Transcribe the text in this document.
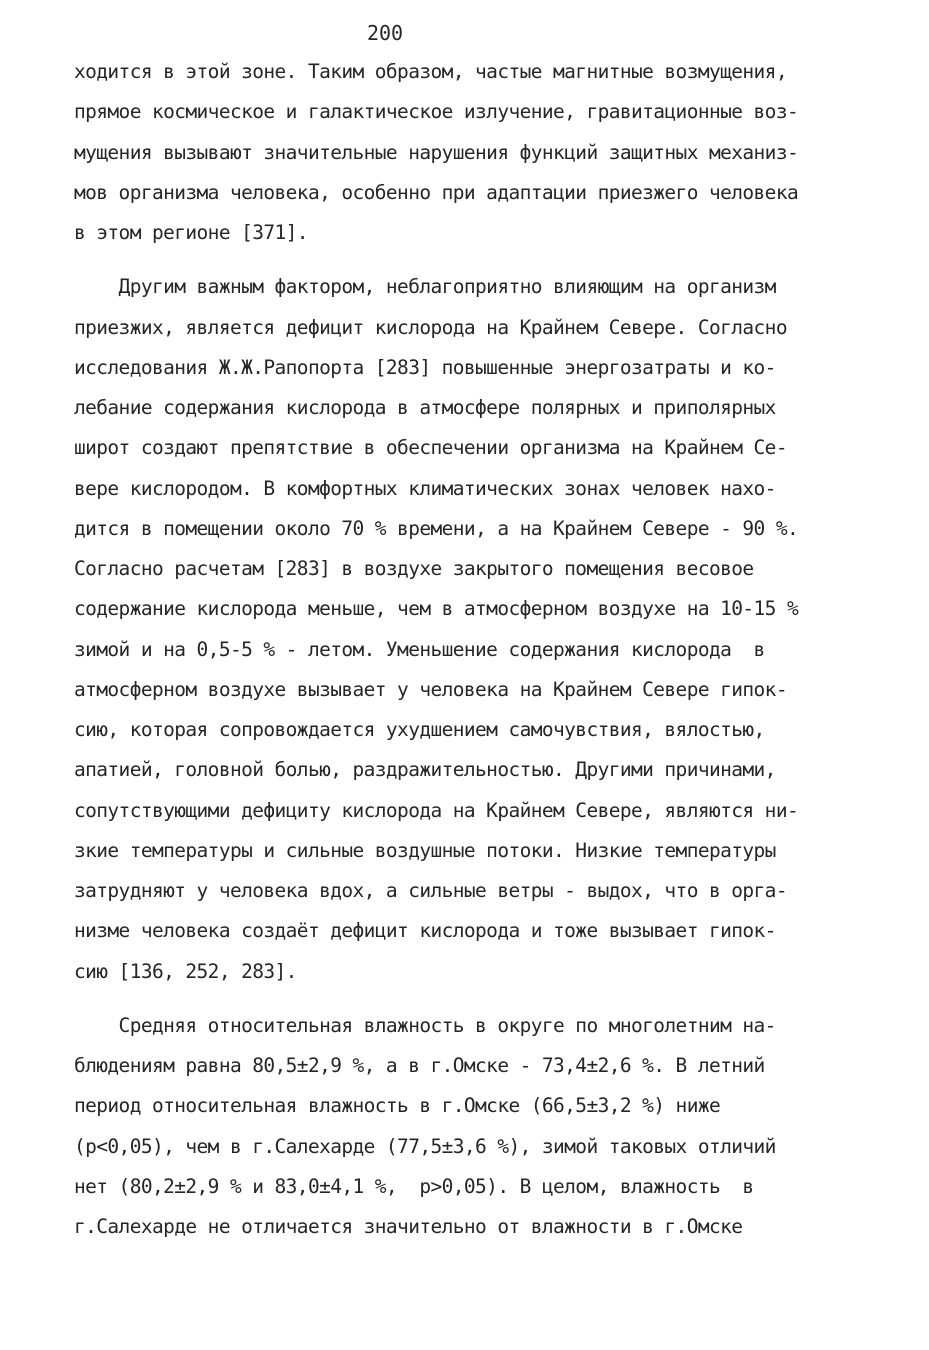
200
ходится в этой зоне. Таким образом, частые магнитные возмущения,
прямое космическое и галактическое излучение, гравитационные воз-
мущения вызывают значительные нарушения функций защитных механиз-
мов организма человека, особенно при адаптации приезжего человека
в этом регионе [371].
Другим важным фактором, неблагоприятно влияющим на организм
приезжих, является дефицит кислорода на Крайнем Севере. Согласно
исследования Ж.Ж.Рапопорта [283] повышенные энергозатраты и ко-
лебание содержания кислорода в атмосфере полярных и приполярных
широт создают препятствие в обеспечении организма на Крайнем Се-
вере кислородом. В комфортных климатических зонах человек нахо-
дится в помещении около 70 % времени, а на Крайнем Севере - 90 %.
Согласно расчетам [283] в воздухе закрытого помещения весовое
содержание кислорода меньше, чем в атмосферном воздухе на 10-15 %
зимой и на 0,5-5 % - летом. Уменьшение содержания кислорода  в
атмосферном воздухе вызывает у человека на Крайнем Севере гипок-
сию, которая сопровождается ухудшением самочувствия, вялостью,
апатией, головной болью, раздражительностью. Другими причинами,
сопутствующими дефициту кислорода на Крайнем Севере, являются ни-
зкие температуры и сильные воздушные потоки. Низкие температуры
затрудняют у человека вдох, а сильные ветры - выдох, что в орга-
низме человека создаёт дефицит кислорода и тоже вызывает гипок-
сию [136, 252, 283].
Средняя относительная влажность в округе по многолетним на-
блюдениям равна 80,5±2,9 %, а в г.Омске - 73,4±2,6 %. В летний
период относительная влажность в г.Омске (66,5±3,2 %) ниже
(p<0,05), чем в г.Салехарде (77,5±3,6 %), зимой таковых отличий
нет (80,2±2,9 % и 83,0±4,1 %,  p>0,05). В целом, влажность  в
г.Салехарде не отличается значительно от влажности в г.Омске
